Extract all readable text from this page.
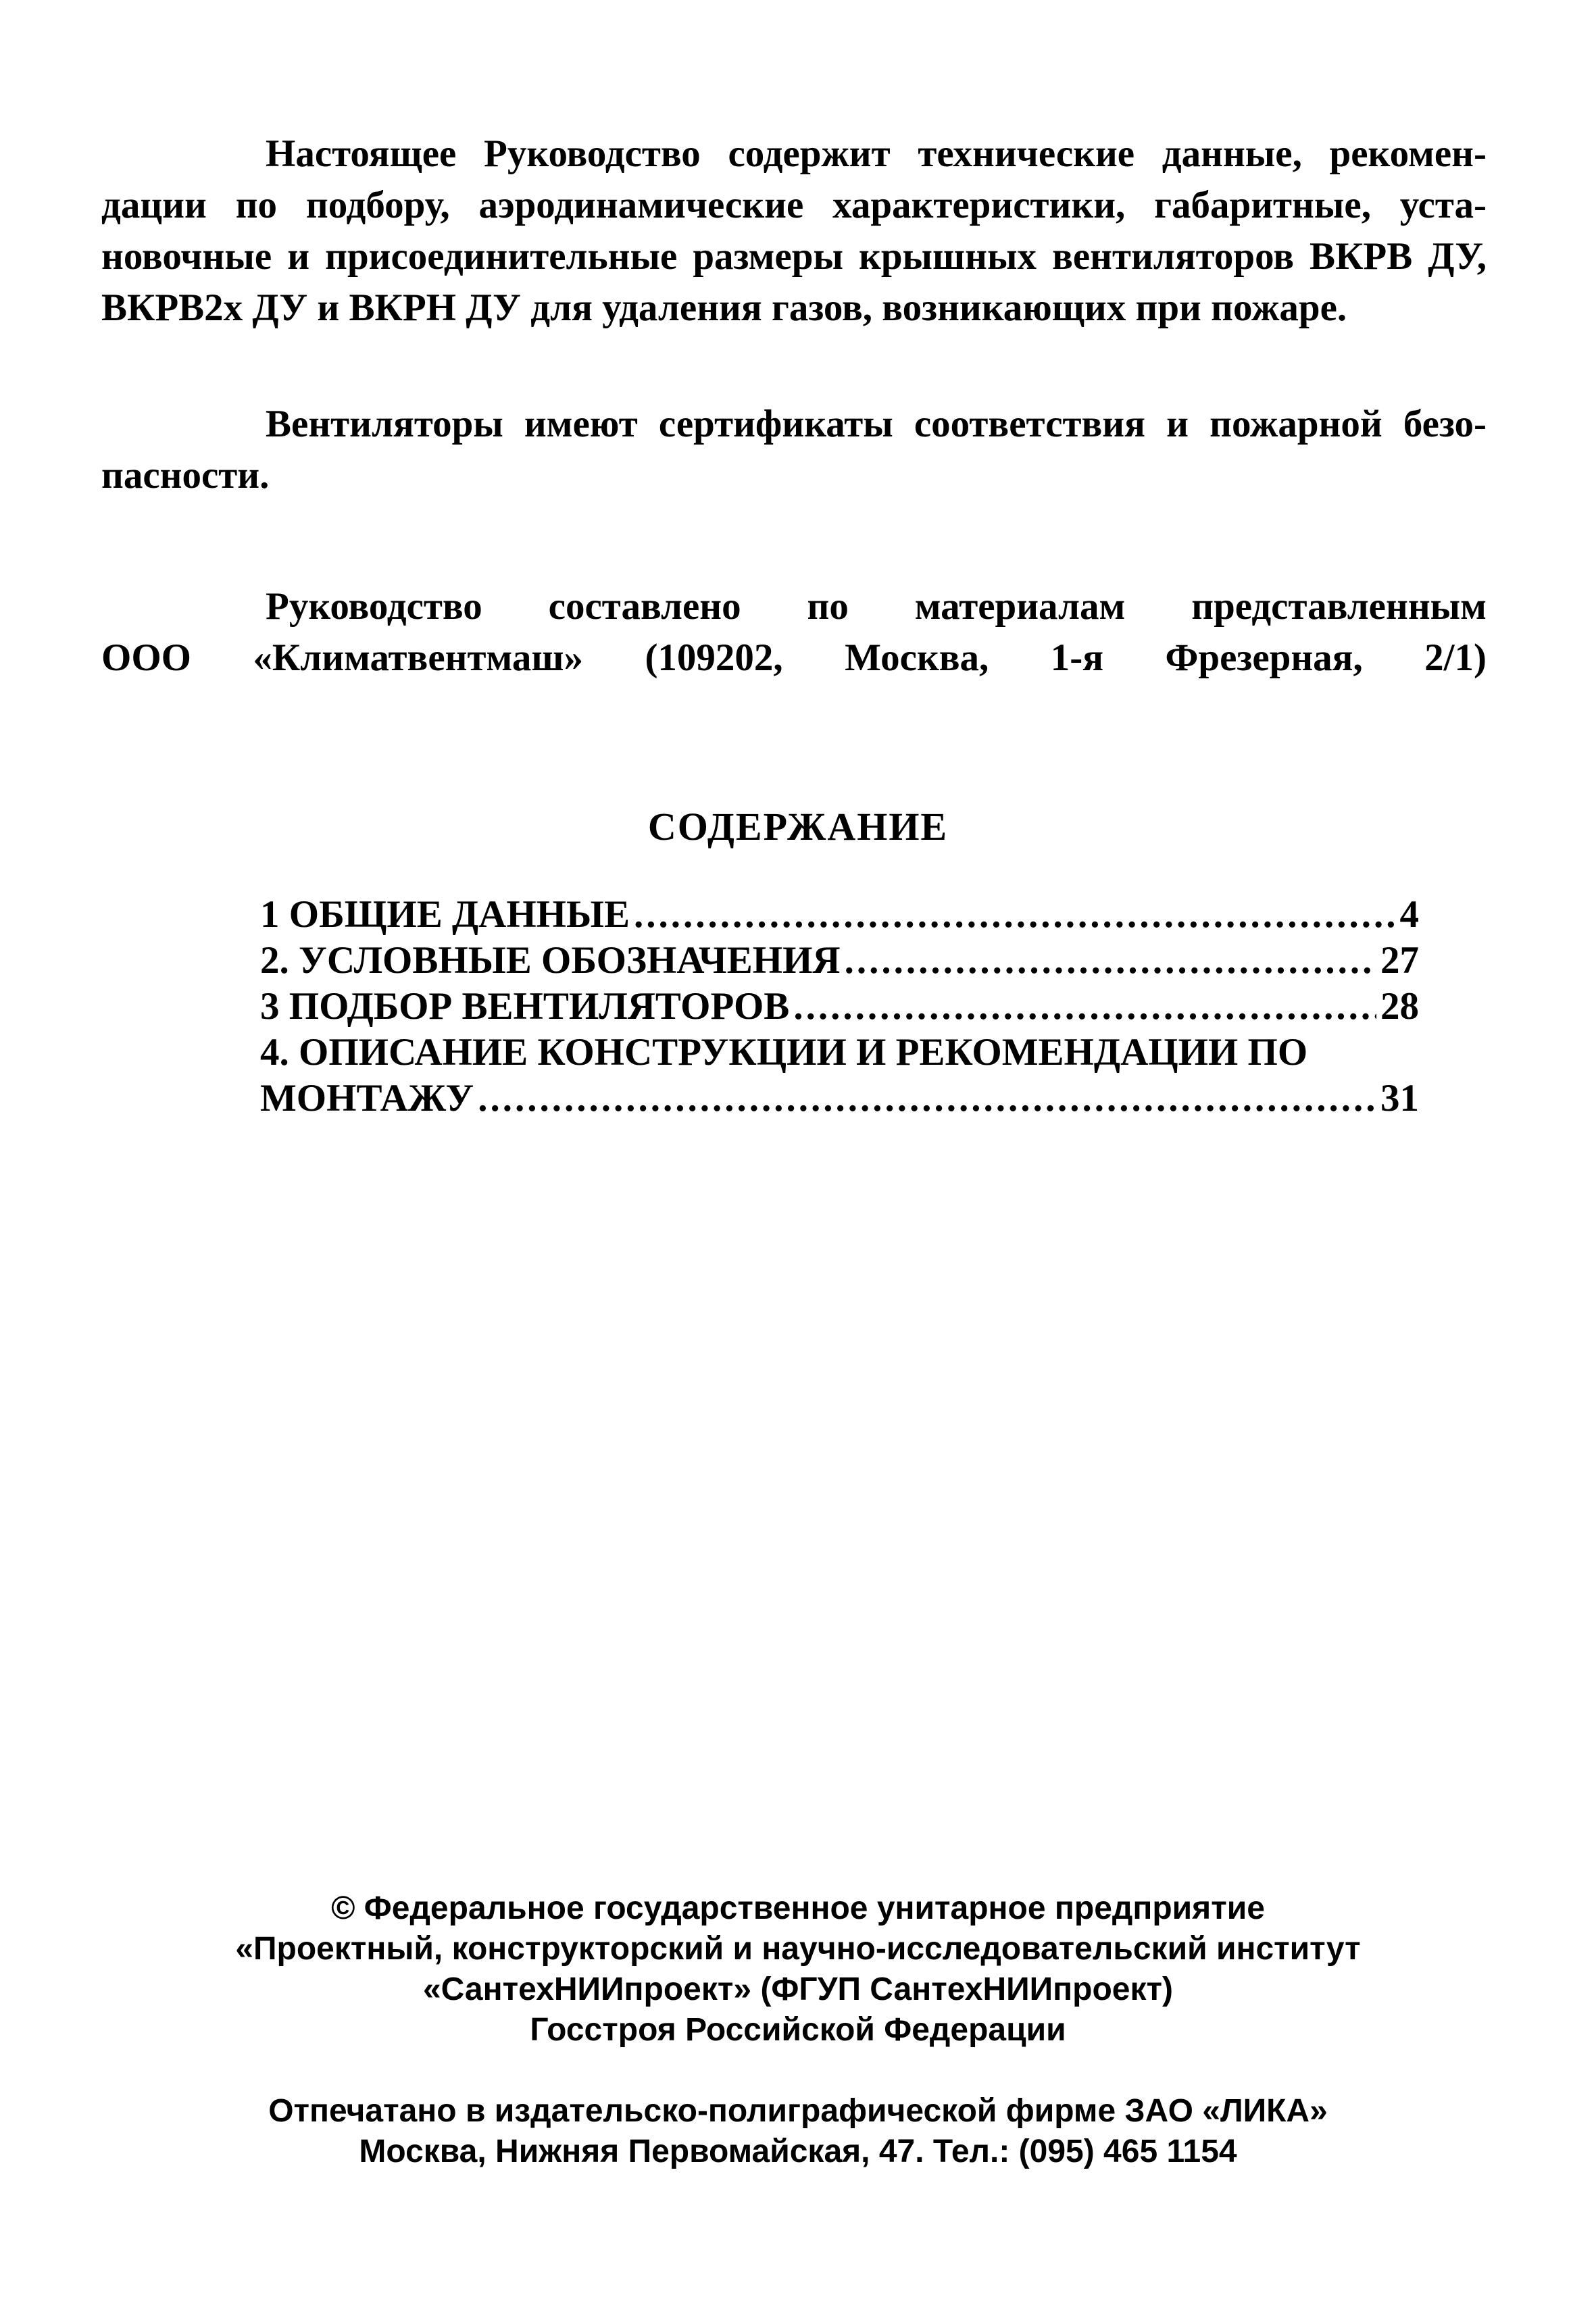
Настоящее Руководство содержит технические данные, рекомендации по подбору, аэродинамические характеристики, габаритные, установочные и присоединительные размеры крышных вентиляторов ВКРВ ДУ, ВКРВ2х ДУ и ВКРН ДУ для удаления газов, возникающих при пожаре.

Вентиляторы имеют сертификаты соответствия и пожарной безопасности.

Руководство составлено по материалам представленным
ООО «Климатвентмаш» (109202, Москва, 1-я Фрезерная, 2/1)

СОДЕРЖАНИЕ
1 ОБЩИЕ ДАННЫЕ .....	4
2. УСЛОВНЫЕ ОБОЗНАЧЕНИЯ .....	27
3 ПОДБОР ВЕНТИЛЯТОРОВ .....	28
4. ОПИСАНИЕ КОНСТРУКЦИИ И РЕКОМЕНДАЦИИ ПО
МОНТАЖУ .....	31

© Федеральное государственное унитарное предприятие
«Проектный, конструкторский и научно-исследовательский институт
«СантехНИИпроект» (ФГУП СантехНИИпроект)
Госстроя Российской Федерации

Отпечатано в издательско-полиграфической фирме ЗАО «ЛИКА»
Москва, Нижняя Первомайская, 47. Тел.: (095) 465 1154
